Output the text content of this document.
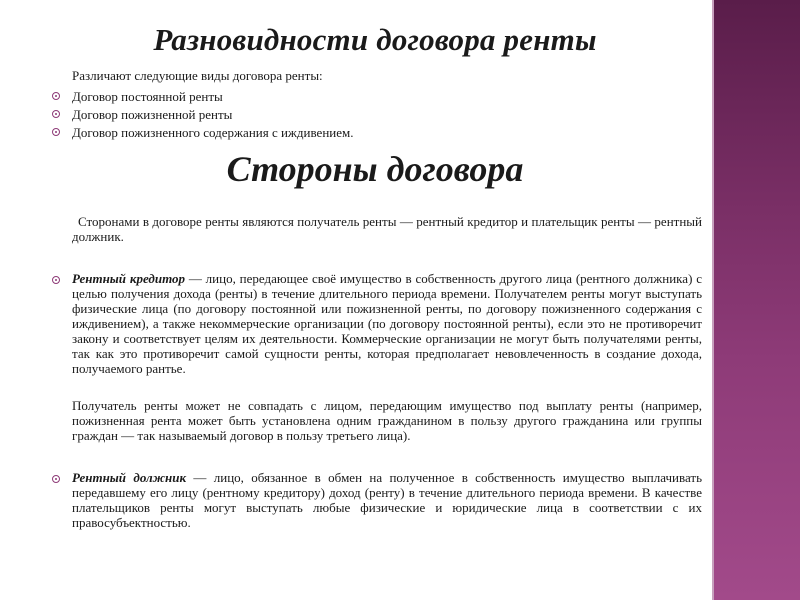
Разновидности договора ренты

Различают следующие виды договора ренты:

Договор постоянной ренты
Договор пожизненной ренты
Договор пожизненного содержания с иждивением.
Стороны договора

Сторонами в договоре ренты являются получатель ренты — рентный кредитор и плательщик ренты — рентный должник.

Рентный кредитор — лицо, передающее своё имущество в собственность другого лица (рентного должника) с целью получения дохода (ренты) в течение длительного периода времени. Получателем ренты могут выступать физические лица (по договору постоянной или пожизненной ренты, по договору пожизненного содержания с иждивением), а также некоммерческие организации (по договору постоянной ренты), если это не противоречит закону и соответствует целям их деятельности. Коммерческие организации не могут быть получателями ренты, так как это противоречит самой сущности ренты, которая предполагает невовлеченность в создание дохода, получаемого рантье.

Получатель ренты может не совпадать с лицом, передающим имущество под выплату ренты (например, пожизненная рента может быть установлена одним гражданином в пользу другого гражданина или группы граждан — так называемый договор в пользу третьего лица).

Рентный должник — лицо, обязанное в обмен на полученное в собственность имущество выплачивать передавшему его лицу (рентному кредитору) доход (ренту) в течение длительного периода времени. В качестве плательщиков ренты могут выступать любые физические и юридические лица в соответствии с их правосубъектностью.
